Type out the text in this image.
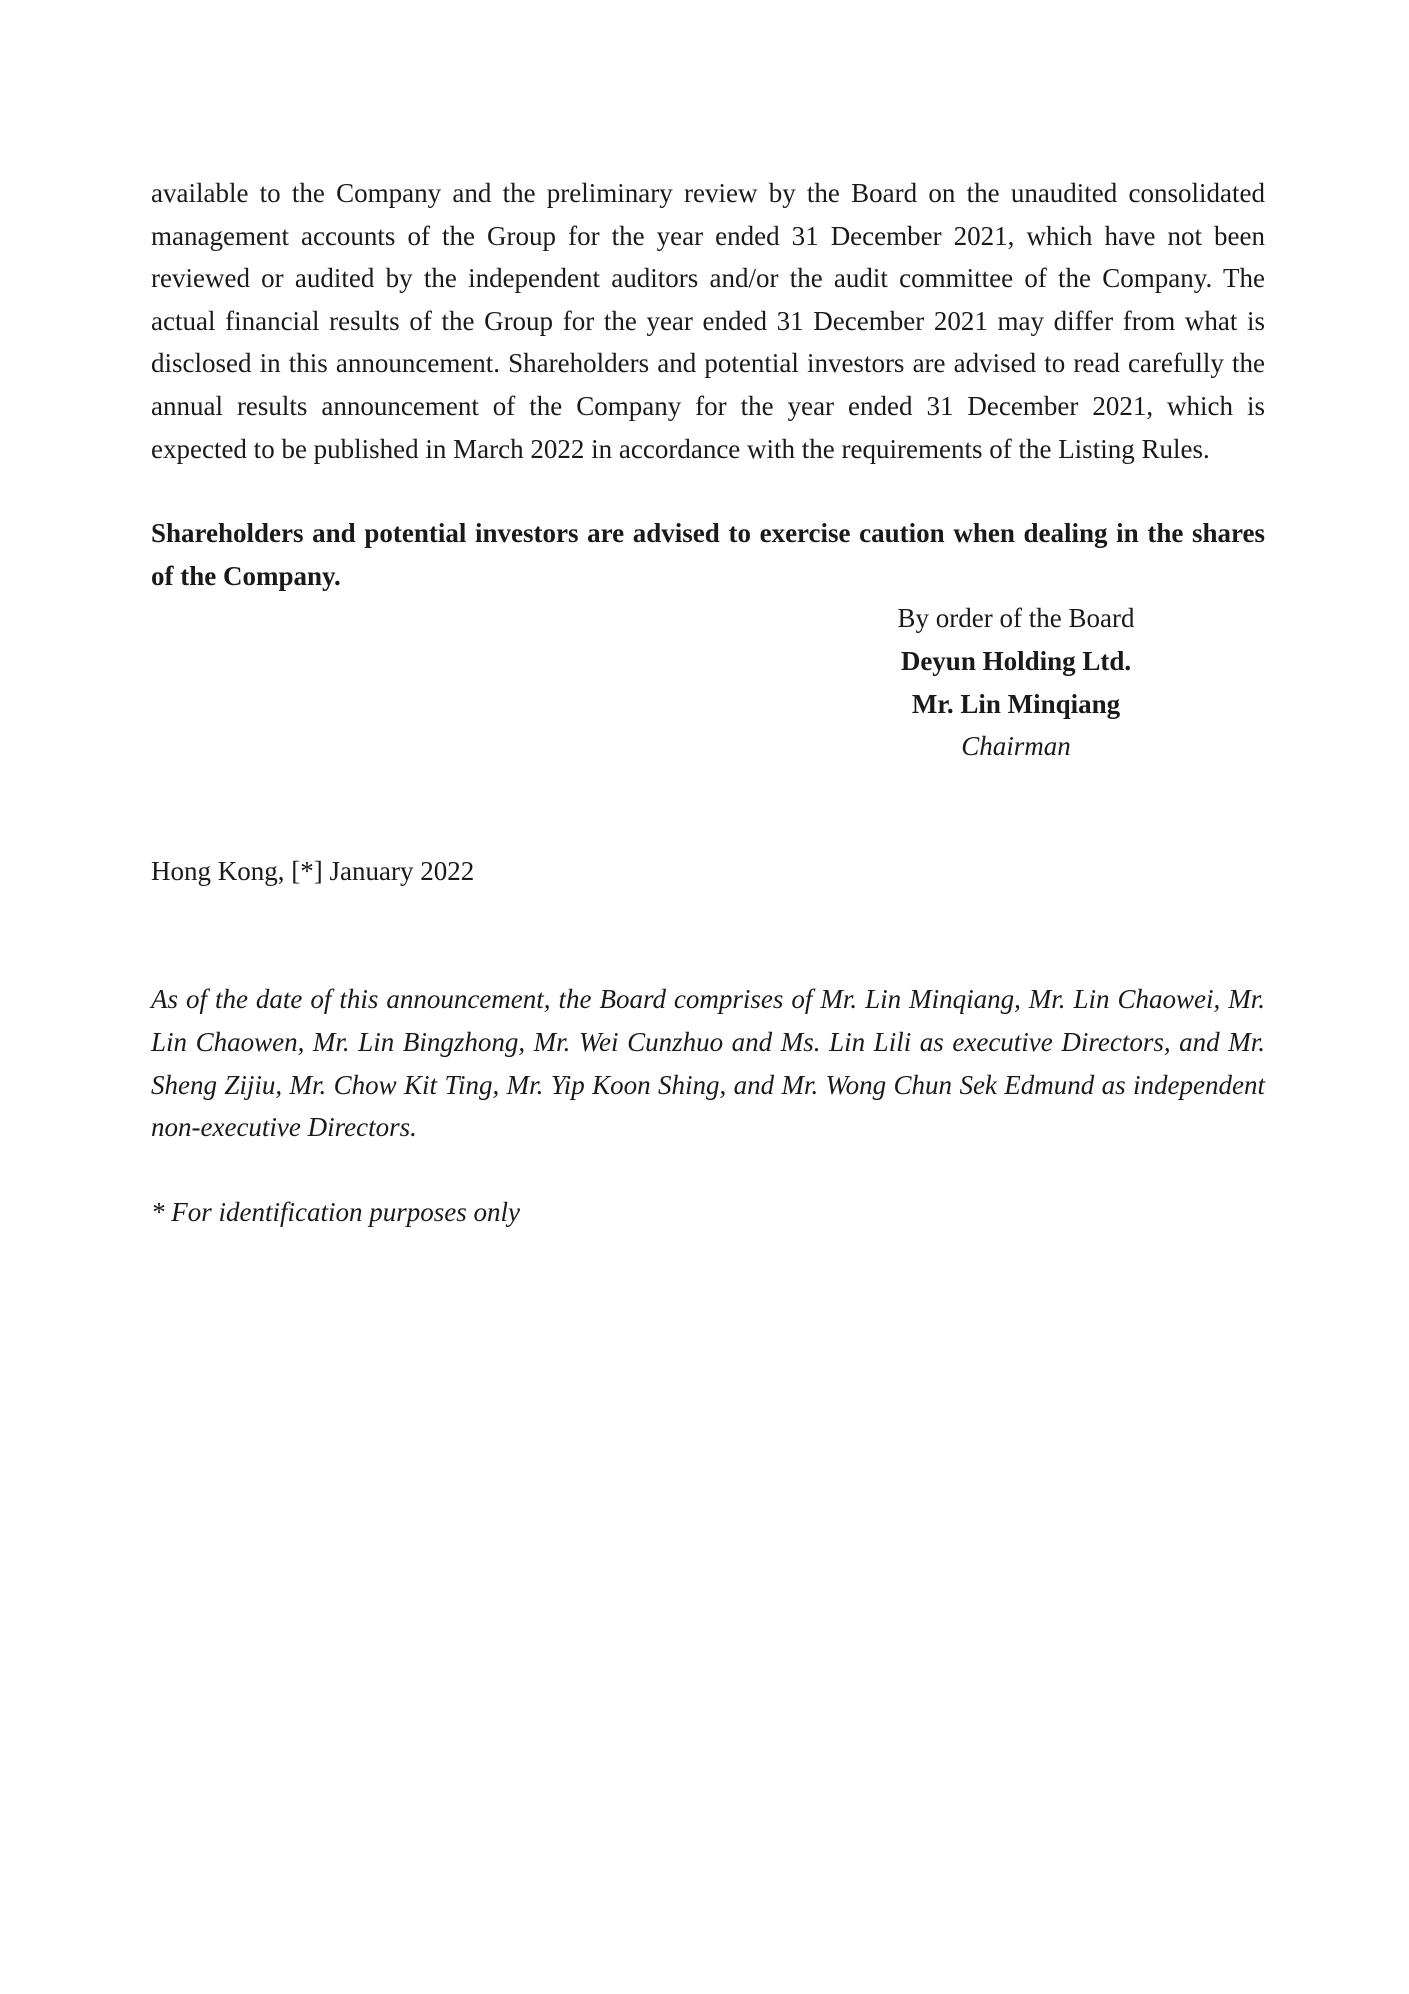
available to the Company and the preliminary review by the Board on the unaudited consolidated management accounts of the Group for the year ended 31 December 2021, which have not been reviewed or audited by the independent auditors and/or the audit committee of the Company. The actual financial results of the Group for the year ended 31 December 2021 may differ from what is disclosed in this announcement. Shareholders and potential investors are advised to read carefully the annual results announcement of the Company for the year ended 31 December 2021, which is expected to be published in March 2022 in accordance with the requirements of the Listing Rules.

Shareholders and potential investors are advised to exercise caution when dealing in the shares of the Company.

By order of the Board
Deyun Holding Ltd.
Mr. Lin Minqiang
Chairman

Hong Kong, [*] January 2022

As of the date of this announcement, the Board comprises of Mr. Lin Minqiang, Mr. Lin Chaowei, Mr. Lin Chaowen, Mr. Lin Bingzhong, Mr. Wei Cunzhuo and Ms. Lin Lili as executive Directors, and Mr. Sheng Zijiu, Mr. Chow Kit Ting, Mr. Yip Koon Shing, and Mr. Wong Chun Sek Edmund as independent non-executive Directors.

* For identification purposes only
